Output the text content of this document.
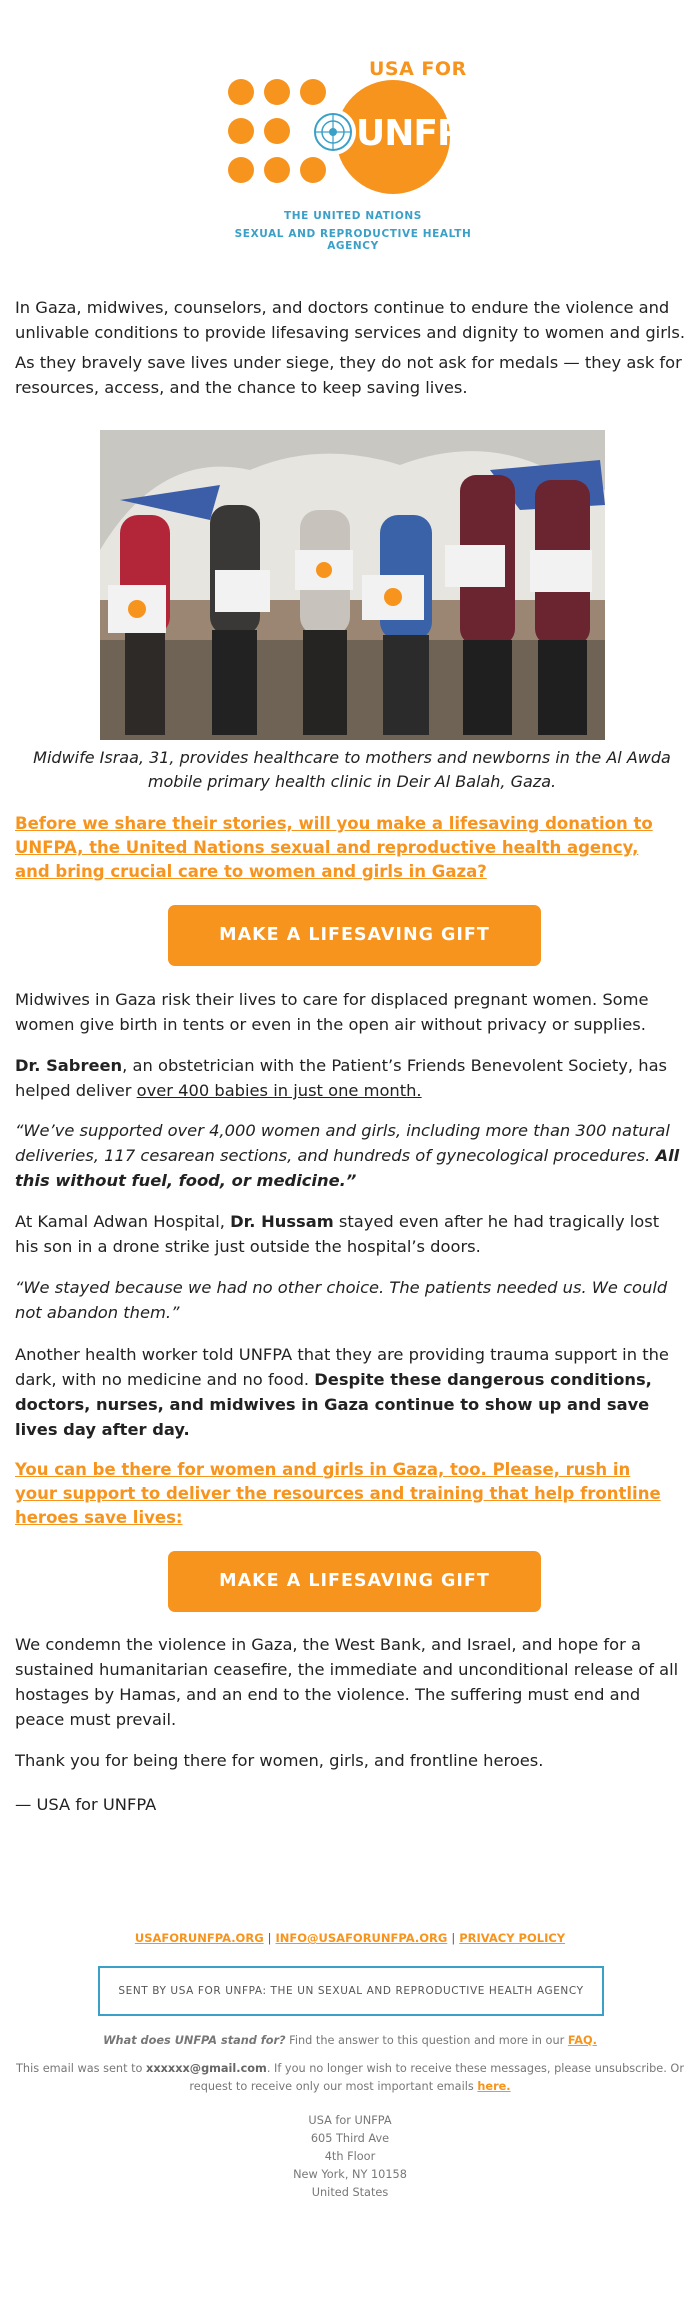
USA FOR
UNFPA
THE UNITED NATIONS
SEXUAL AND REPRODUCTIVE HEALTH AGENCY

In Gaza, midwives, counselors, and doctors continue to endure the violence and unlivable conditions to provide lifesaving services and dignity to women and girls.

As they bravely save lives under siege, they do not ask for medals — they ask for resources, access, and the chance to keep saving lives.

Midwife Israa, 31, provides healthcare to mothers and newborns in the Al Awda mobile primary health clinic in Deir Al Balah, Gaza.
Before we share their stories, will you make a lifesaving donation to UNFPA, the United Nations sexual and reproductive health agency, and bring crucial care to women and girls in Gaza?
MAKE A LIFESAVING GIFT

Midwives in Gaza risk their lives to care for displaced pregnant women. Some women give birth in tents or even in the open air without privacy or supplies.

Dr. Sabreen, an obstetrician with the Patient’s Friends Benevolent Society, has helped deliver over 400 babies in just one month.

“We’ve supported over 4,000 women and girls, including more than 300 natural deliveries, 117 cesarean sections, and hundreds of gynecological procedures. All this without fuel, food, or medicine.”

At Kamal Adwan Hospital, Dr. Hussam stayed even after he had tragically lost his son in a drone strike just outside the hospital’s doors.

“We stayed because we had no other choice. The patients needed us. We could not abandon them.”

Another health worker told UNFPA that they are providing trauma support in the dark, with no medicine and no food. Despite these dangerous conditions, doctors, nurses, and midwives in Gaza continue to show up and save lives day after day.

You can be there for women and girls in Gaza, too. Please, rush in your support to deliver the resources and training that help frontline heroes save lives:
MAKE A LIFESAVING GIFT

We condemn the violence in Gaza, the West Bank, and Israel, and hope for a sustained humanitarian ceasefire, the immediate and unconditional release of all hostages by Hamas, and an end to the violence. The suffering must end and peace must prevail.

Thank you for being there for women, girls, and frontline heroes.

— USA for UNFPA

USAFORUNFPA.ORG | INFO@USAFORUNFPA.ORG | PRIVACY POLICY
SENT BY USA FOR UNFPA: THE UN SEXUAL AND REPRODUCTIVE HEALTH AGENCY
What does UNFPA stand for? Find the answer to this question and more in our FAQ.
This email was sent to xxxxxx@gmail.com. If you no longer wish to receive these messages, please unsubscribe. Or request to receive only our most important emails here.
USA for UNFPA
605 Third Ave
4th Floor
New York, NY 10158
United States
